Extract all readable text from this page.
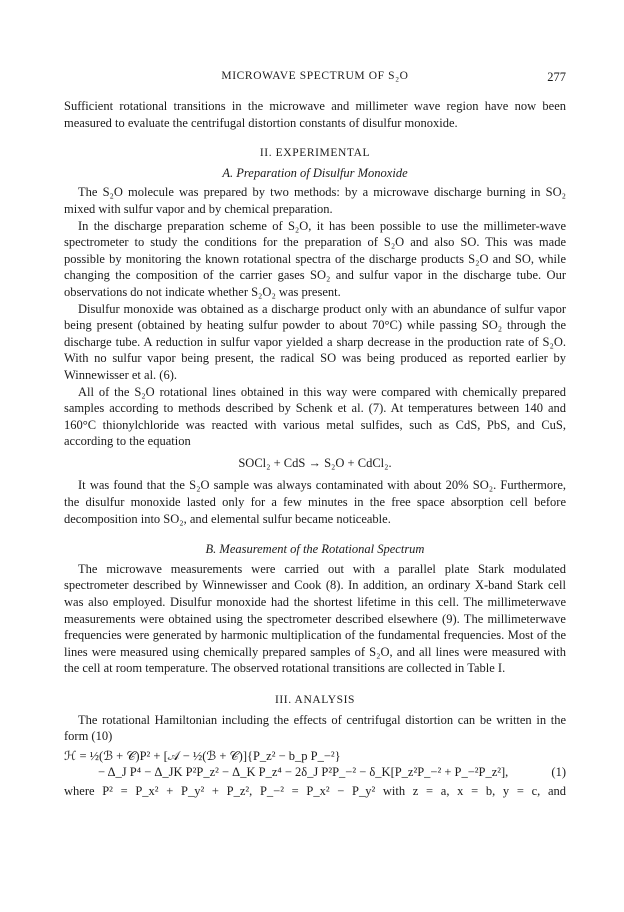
MICROWAVE SPECTRUM OF S₂O	277

Sufficient rotational transitions in the microwave and millimeter wave region have now been measured to evaluate the centrifugal distortion constants of disulfur monoxide.

II. EXPERIMENTAL
A. Preparation of Disulfur Monoxide

The S₂O molecule was prepared by two methods: by a microwave discharge burning in SO₂ mixed with sulfur vapor and by chemical preparation.

In the discharge preparation scheme of S₂O, it has been possible to use the millimeter-wave spectrometer to study the conditions for the preparation of S₂O and also SO. This was made possible by monitoring the known rotational spectra of the discharge products S₂O and SO, while changing the composition of the carrier gases SO₂ and sulfur vapor in the discharge tube. Our observations do not indicate whether S₂O₂ was present.

Disulfur monoxide was obtained as a discharge product only with an abundance of sulfur vapor being present (obtained by heating sulfur powder to about 70°C) while passing SO₂ through the discharge tube. A reduction in sulfur vapor yielded a sharp decrease in the production rate of S₂O. With no sulfur vapor being present, the radical SO was being produced as reported earlier by Winnewisser et al. (6).

All of the S₂O rotational lines obtained in this way were compared with chemically prepared samples according to methods described by Schenk et al. (7). At temperatures between 140 and 160°C thionylchloride was reacted with various metal sulfides, such as CdS, PbS, and CuS, according to the equation

SOCl₂ + CdS → S₂O + CdCl₂.

It was found that the S₂O sample was always contaminated with about 20% SO₂. Furthermore, the disulfur monoxide lasted only for a few minutes in the free space absorption cell before decomposition into SO₂, and elemental sulfur became noticeable.

B. Measurement of the Rotational Spectrum

The microwave measurements were carried out with a parallel plate Stark modulated spectrometer described by Winnewisser and Cook (8). In addition, an ordinary X-band Stark cell was also employed. Disulfur monoxide had the shortest lifetime in this cell. The millimeterwave measurements were obtained using the spectrometer described elsewhere (9). The millimeterwave frequencies were generated by harmonic multiplication of the fundamental frequencies. Most of the lines were measured using chemically prepared samples of S₂O, and all lines were measured with the cell at room temperature. The observed rotational transitions are collected in Table I.

III. ANALYSIS

The rotational Hamiltonian including the effects of centrifugal distortion can be written in the form (10)

ℋ = ½(ℬ + 𝒞)P² + [𝒜 − ½(ℬ + 𝒞)]{P_z² − b_p P_−²}
− Δ_J P⁴ − Δ_JK P²P_z² − Δ_K P_z⁴ − 2δ_J P²P_−² − δ_K[P_z²P_−² + P_−²P_z²],	(1)
where P² = P_x² + P_y² + P_z², P_−² = P_x² − P_y² with z = a, x = b, y = c, and
